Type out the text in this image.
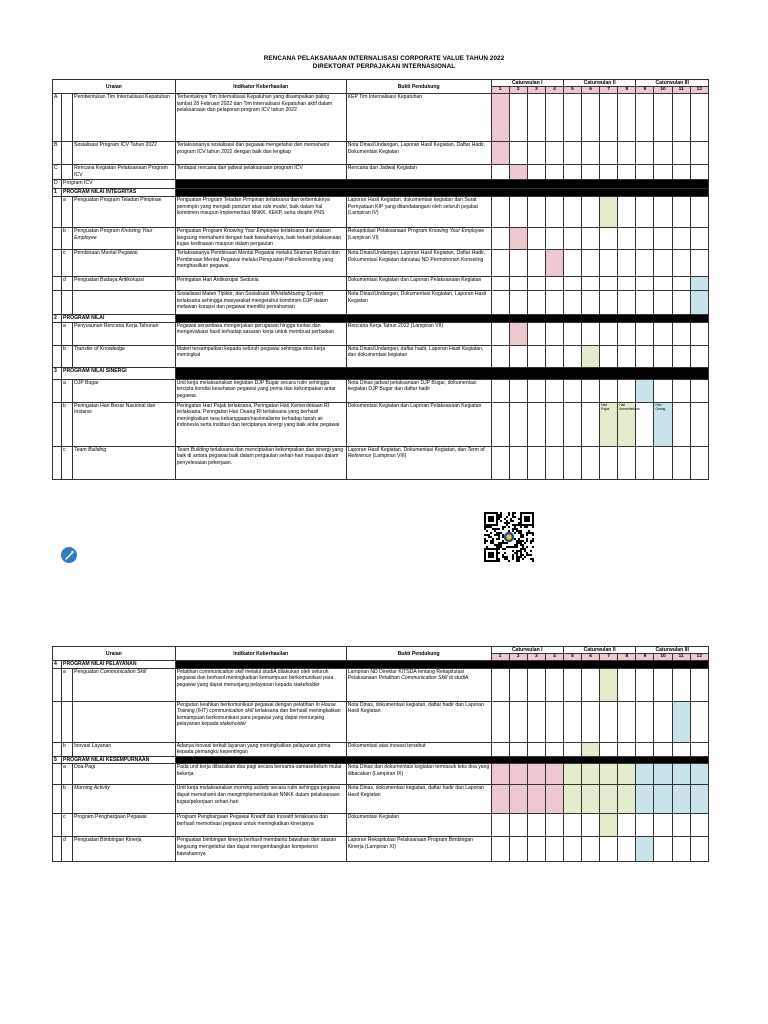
RENCANA PELAKSANAAN INTERNALISASI CORPORATE VALUE TAHUN 2022
DIREKTORAT PERPAJAKAN INTERNASIONAL
Uraian			Indikator Keberhasilan	Bukti Pendukung	Caturwulan I				Caturwulan II				Caturwulan III			
					1	2	3	4	5	6	7	8	9	10	11	12
A		Pembentukan Tim Internalisasi Kepatuhan	Terbentuknya Tim Internalisasi Kepatuhan yang disampaikan paling lambat 28 Februari 2022 dan Tim internalisasi Kepatuhan aktif dalam pelaksanaan dan pelaporan program ICV tahun 2022	KEP Tim Internalisasi Kepatuhan												
B		Sosialisasi Program ICV Tahun 2022	Terlaksananya sosialisasi dan pegawai mengetahui dan memahami program ICV tahun 2022 dengan baik dan lengkap	Nota Dinas/Undangan, Laporan Hasil Kegiatan, Daftar Hadir, Dokumentasi Kegiatan												
C		Rencana Kegiatan Pelaksanaan Program ICV	Terdapat rencana dan jadwal pelaksanaan program ICV	Rencana dan Jadwal Kegiatan												
D	Program ICV															
1	PROGRAM NILAI INTEGRITAS															
	a	Penguatan Program Teladan Pimpinan	Penguatan Program Teladan Pimpinan terlaksana dan terbentuknya pemimpin yang menjadi panutan atas role model, baik dalam hal komitmen maupun implementasi NNKK, KEKP, serta disiplin PNS	Laporan Hasil Kegiatan, dokumentasi kegiatan dan Surat Pernyataan KIP yang ditandatangani oleh seluruh pejabat (Lampiran IV)												
	b	Penguatan Program Knowing Your Employee	Penguatan Program Knowing Your Employee terlaksana dan atasan langsung memahami dengan baik bawahannya, baik terkait pelaksanaan tugas kedinasan maupun dalam pergaulan	Rekapitulasi Pelaksanaan Program Knowing Your Employee (Lampiran VI)												
	c	Pembinaan Mental Pegawai	Terlaksananya Pembinaan Mental Pegawai melalui Siraman Rohani dan Pembinaan Mental Pegawai melalui Penguatan Psiko/konseling yang menghasilkan pegawai	Nota Dinas/Undangan, Laporan Hasil Kegiatan, Daftar Hadir, Dokumentasi Kegiatan dan/atau ND Permohonan Konseling												
	d	Penguatan Budaya Antikorupsi	Peringatan Hari Antikorupsi Sedunia	Dokumentasi Kegiatan dan Laporan Pelaksanaan Kegiatan												
			Sosialisasi Materi Tipikor, dan Sosialisasi Whistleblowing System terlaksana sehingga masyarakat mengetahui komitmen DJP dalam melawan korupsi dan pegawai memiliki pemahaman	Nota Dinas/Undangan, Dokumentasi Kegiatan, Laporan Hasil Kegiatan												
2	PROGRAM NILAI															
	a	Penyusunan Rencana Kerja Tahunan	Pegawai senantiasa mengerjakan perugasan hingga tuntas dan mengevaluasi hasil terhadap sasaran kerja untuk membuat perbaikan	Rencana Kerja Tahun 2022 (Lampiran VII)												
	b	Transfer of Knowledge	Materi tersampaikan kepada seluruh pegawai sehingga etos kerja meningkat	Nota Dinas/Undangan, daftar hadir, Laporan Hasil Kegiatan, dan dokumentasi kegiatan												
3	PROGRAM NILAI SINERGI															
	a	DJP Bugar	Unit kerja melaksanakan kegiatan DJP Bugar secara rutin sehingga tercipta kondisi kesehatan pegawai yang prima dan kekompakan antar pegawai.	Nota Dinas jadwal pelaksanaan DJP Bugar, dokumentasi kegiatan DJP Bugar dan daftar hadir												
	b	Peringatan Hari Besar Nasional dan Instansi	Peringatan Hari Pajak terlaksana, Peringatan Hari Kemerdekaan RI terlaksana, Peringatan Hari Oeang RI terlaksana yang berhasil meningkatkan rasa kebanggaan/nasionalisme terhadap tanah air Indonesia serta institusi dan terciptanya sinergi yang baik antar pegawai	Dokumentasi Kegiatan dan Laporan Pelaksanaan Kegiatan							Hari Pajak	Hari Kemerdekaan		Hari Oeang		
	c	Team Building	Team Building terlaksana dan menciptakan kekompakan dan sinergi yang baik di antara pegawai baik dalam pergaulan sehari-hari maupun dalam penyelesaian pekerjaan.	Laporan Hasil Kegiatan, Dokumentasi Kegiatan, dan Term of Reference (Lampiran VIII)												
Uraian			Indikator Keberhasilan	Bukti Pendukung	Caturwulan I				Caturwulan II				Caturwulan III			
					1	2	3	4	5	6	7	8	9	10	11	12
4	PROGRAM NILAI PELAYANAN															
	a	Penguatan Communication Skill	Pelatihan communication skill melalui studiA dilakukan oleh seluruh pegawai dan berhasil meningkatkan kemampuan berkomunikasi para pegawai yang dapat menunjang pelayanan kepada stakeholder	Lampiran ND Direktur KITSDA tentang Rekapitulasi Pelaksanaan Pelatihan Communication Skill di studiA												
			Pengutan keahlian berkomunikasi pegawai dengan pelatihan In House Training (IHT) communication skill terlaksana dan berhasil meningkatkan kemampuan berkomunikasi para pegawai yang dapat menunjang pelayanan kepada stakeholder	Nota Dinas, dokumentasi kegiatan, daftar hadir dan Laporan Hasil Kegiatan												
	b	Inovasi Layanan	Adanya inovasi terkait layanan yang meningkatkan pelayanan prima kepada pemangku kepentingan	Dokumentasi atas inovasi tersebut												
5	PROGRAM NILAI KESEMPURNAAN															
	a	Doa Pagi	Pada unit kerja dibacakan doa pagi secara bersama-samasebelum mulai bekerja	Nota Dinas dan dokumentasi kegiatan termasuk teks doa yang dibacakan (Lampiran IX)												
	b	Morning Activity	Unit kerja melaksanakan morning activity secara rutin sehingga pegawai dapat memahami dan mengimplementasikan NNKK dalam pelaksanaan tugas/pekerjaan sehari-hari	Nota Dinas, dokumentasi kegiatan, daftar hadir dan Laporan Hasil Kegiatan												
	c	Program Penghargaan Pegawai	Program Penghargaan Pegawai Kreatif dan Inovatif terlaksana dan berhasil memotivasi pegawai untuk meningkatkan kinerjanya	Dokumentasi Kegiatan												
	d	Penguatan Bimbingan Kinerja	Penguatan bimbingan kinerja berhasil membantu bawahan dan atasan langsung mengetahui dan dapat mengembangkan kompetensi bawahannya	Laporan Rekapitulasi Pelaksanaan Program Bimbingan Kinerja (Lampiran XI)												
